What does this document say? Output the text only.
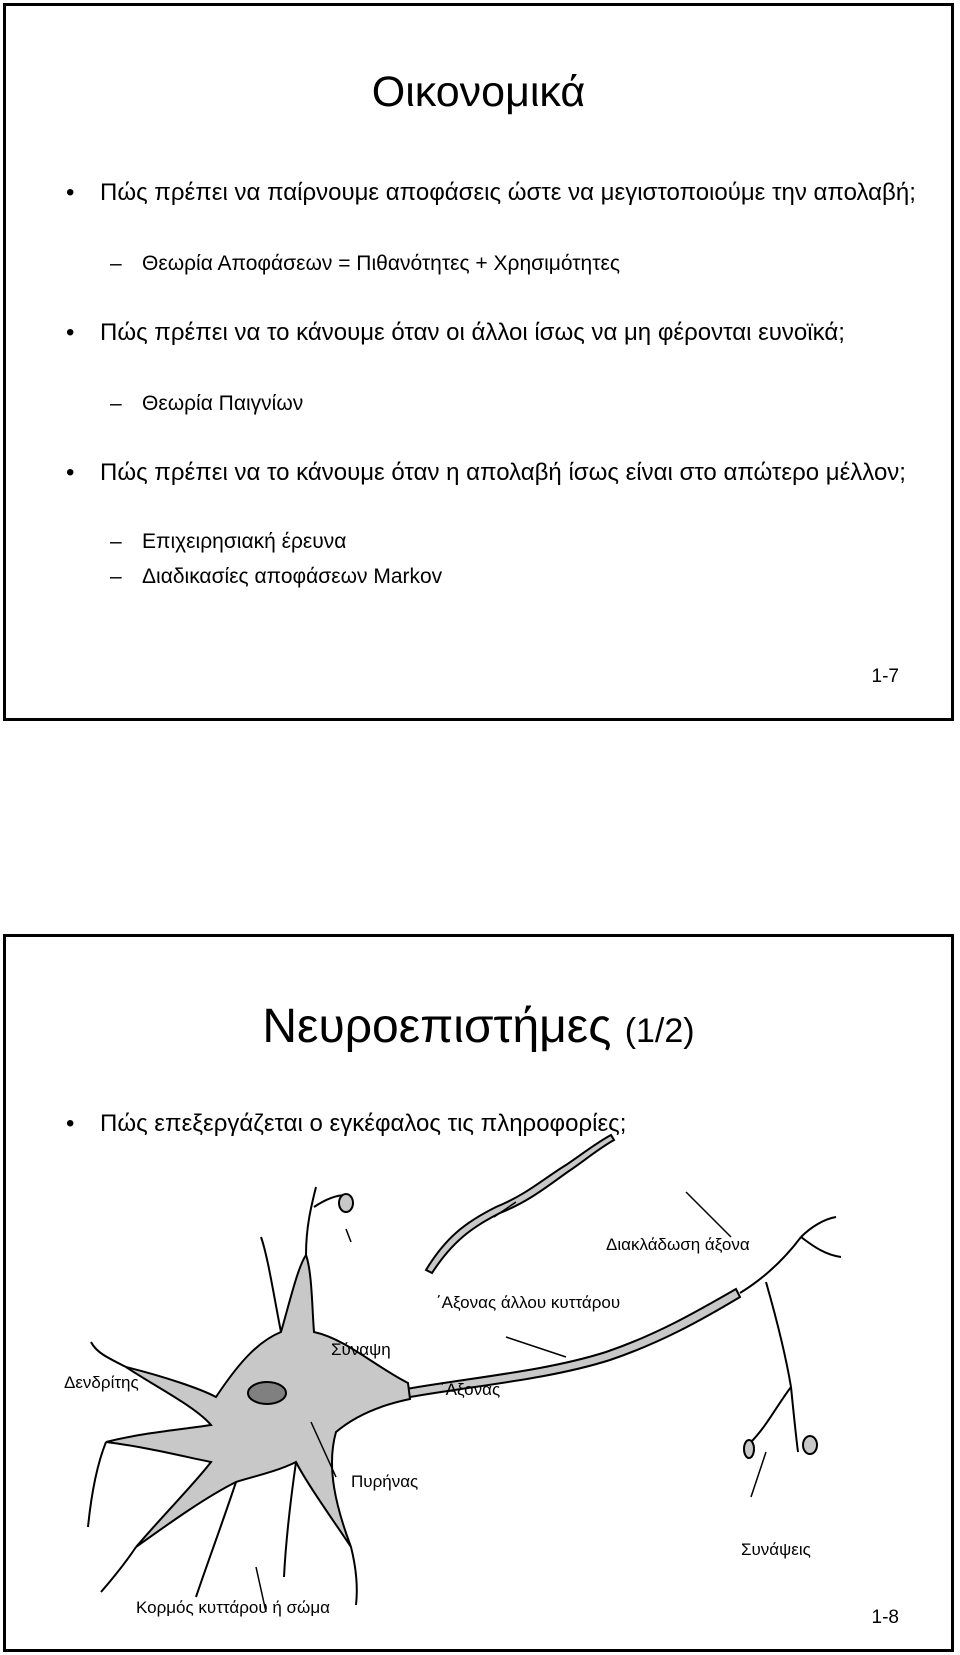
Οικονομικά
• Πώς πρέπει να παίρνουμε αποφάσεις ώστε να μεγιστοποιούμε την απολαβή;
– Θεωρία Αποφάσεων = Πιθανότητες + Χρησιμότητες
• Πώς πρέπει να το κάνουμε όταν οι άλλοι ίσως να μη φέρονται ευνοϊκά;
– Θεωρία Παιγνίων
• Πώς πρέπει να το κάνουμε όταν η απολαβή ίσως είναι στο απώτερο μέλλον;
– Επιχειρησιακή έρευνα
– Διαδικασίες αποφάσεων Markov
1-7
Νευροεπιστήμες (1/2)
• Πώς επεξεργάζεται ο εγκέφαλος τις πληροφορίες;
Διακλάδωση άξονα
΄Αξονας άλλου κυττάρου
Σύναψη
Δενδρίτης	΄Αξονας
Πυρήνας
Συνάψεις
Κορμός κυττάρου ή σώμα	1-8
